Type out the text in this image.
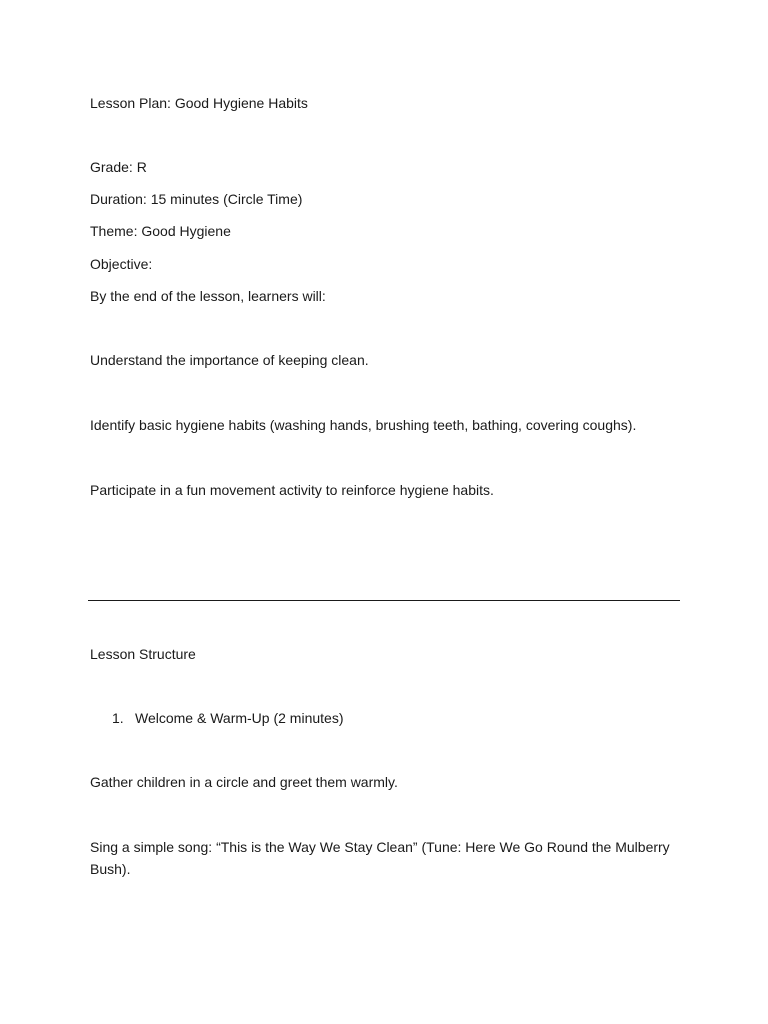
Lesson Plan: Good Hygiene Habits
Grade: R
Duration: 15 minutes (Circle Time)
Theme: Good Hygiene
Objective:
By the end of the lesson, learners will:
Understand the importance of keeping clean.
Identify basic hygiene habits (washing hands, brushing teeth, bathing, covering coughs).
Participate in a fun movement activity to reinforce hygiene habits.
Lesson Structure
1. Welcome & Warm-Up (2 minutes)
Gather children in a circle and greet them warmly.
Sing a simple song: “This is the Way We Stay Clean” (Tune: Here We Go Round the Mulberry Bush).
